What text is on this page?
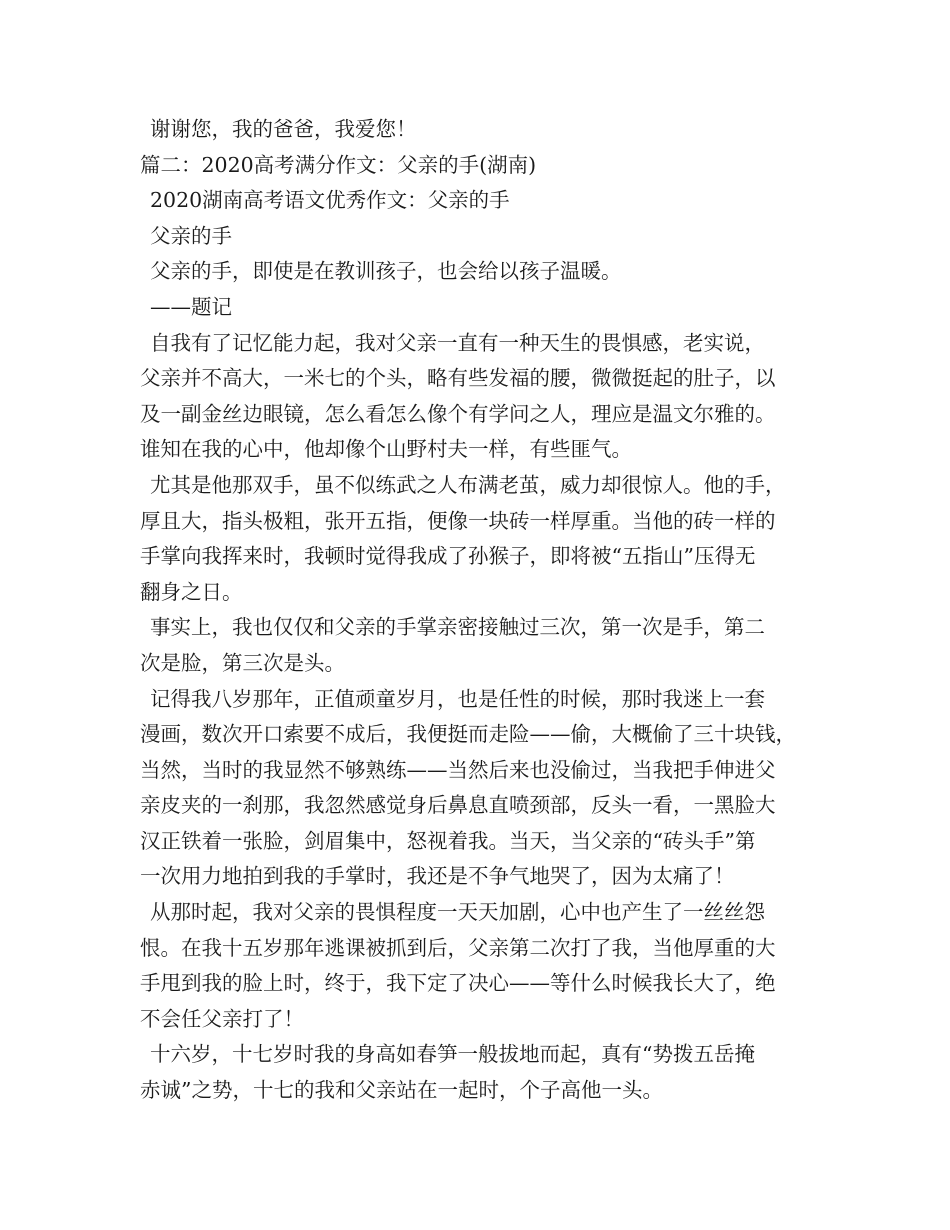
谢谢您，我的爸爸，我爱您！
篇二：2020高考满分作文：父亲的手(湖南)
2020湖南高考语文优秀作文：父亲的手
父亲的手
父亲的手，即使是在教训孩子，也会给以孩子温暖。
——题记
自我有了记忆能力起，我对父亲一直有一种天生的畏惧感，老实说，
父亲并不高大，一米七的个头，略有些发福的腰，微微挺起的肚子，以
及一副金丝边眼镜，怎么看怎么像个有学问之人，理应是温文尔雅的。
谁知在我的心中，他却像个山野村夫一样，有些匪气。
尤其是他那双手，虽不似练武之人布满老茧，威力却很惊人。他的手，
厚且大，指头极粗，张开五指，便像一块砖一样厚重。当他的砖一样的
手掌向我挥来时，我顿时觉得我成了孙猴子，即将被“五指山”压得无
翻身之日。
事实上，我也仅仅和父亲的手掌亲密接触过三次，第一次是手，第二
次是脸，第三次是头。
记得我八岁那年，正值顽童岁月，也是任性的时候，那时我迷上一套
漫画，数次开口索要不成后，我便挺而走险——偷，大概偷了三十块钱，
当然，当时的我显然不够熟练——当然后来也没偷过，当我把手伸进父
亲皮夹的一刹那，我忽然感觉身后鼻息直喷颈部，反头一看，一黑脸大
汉正铁着一张脸，剑眉集中，怒视着我。当天，当父亲的“砖头手”第
一次用力地拍到我的手掌时，我还是不争气地哭了，因为太痛了！
从那时起，我对父亲的畏惧程度一天天加剧，心中也产生了一丝丝怨
恨。在我十五岁那年逃课被抓到后，父亲第二次打了我，当他厚重的大
手甩到我的脸上时，终于，我下定了决心——等什么时候我长大了，绝
不会任父亲打了！
十六岁，十七岁时我的身高如春笋一般拔地而起，真有“势拨五岳掩
赤诚”之势，十七的我和父亲站在一起时，个子高他一头。
